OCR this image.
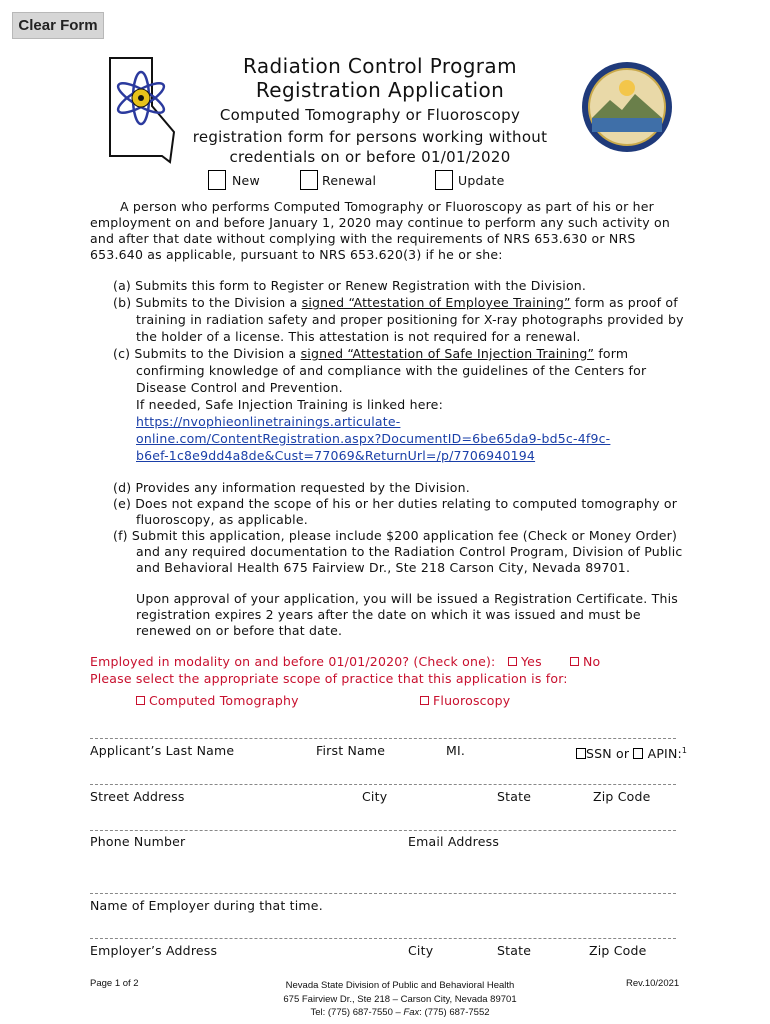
Clear Form
Radiation Control Program
Registration Application
Computed Tomography or Fluoroscopy
registration form for persons working without
credentials on or before 01/01/2020
New	Renewal	Update
A person who performs Computed Tomography or Fluoroscopy as part of his or her
employment on and before January 1, 2020 may continue to perform any such activity on
and after that date without complying with the requirements of NRS 653.630 or NRS
653.640 as applicable, pursuant to NRS 653.620(3) if he or she:
(a) Submits this form to Register or Renew Registration with the Division.
(b) Submits to the Division a signed “Attestation of Employee Training” form as proof of
training in radiation safety and proper positioning for X-ray photographs provided by
the holder of a license. This attestation is not required for a renewal.
(c) Submits to the Division a signed “Attestation of Safe Injection Training” form
confirming knowledge of and compliance with the guidelines of the Centers for
Disease Control and Prevention.
If needed, Safe Injection Training is linked here:
https://nvophieonlinetrainings.articulate-
online.com/ContentRegistration.aspx?DocumentID=6be65da9-bd5c-4f9c-
b6ef-1c8e9dd4a8de&Cust=77069&ReturnUrl=/p/7706940194
(d) Provides any information requested by the Division.
(e) Does not expand the scope of his or her duties relating to computed tomography or
fluoroscopy, as applicable.
(f) Submit this application, please include $200 application fee (Check or Money Order)
and any required documentation to the Radiation Control Program, Division of Public
and Behavioral Health 675 Fairview Dr., Ste 218 Carson City, Nevada 89701.
Upon approval of your application, you will be issued a Registration Certificate. This
registration expires 2 years after the date on which it was issued and must be
renewed on or before that date.
Employed in modality on and before 01/01/2020? (Check one):	Yes	No
Please select the appropriate scope of practice that this application is for:
Computed Tomography	Fluoroscopy
Applicant’s Last Name	First Name	MI.	SSN or APIN:$^1$
Street Address	City	State	Zip Code
Phone Number	Email Address
Name of Employer during that time.
Employer’s Address	City	State	Zip Code
Page 1 of 2	Nevada State Division of Public and Behavioral Health
675 Fairview Dr., Ste 218 – Carson City, Nevada 89701
Tel: (775) 687-7550 – Fax: (775) 687-7552
Rev.10/2021
